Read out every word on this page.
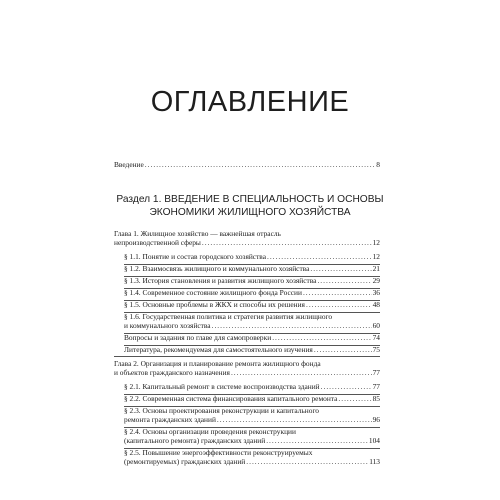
ОГЛАВЛЕНИЕ
Введение .....	8
Раздел 1. ВВЕДЕНИЕ В СПЕЦИАЛЬНОСТЬ И ОСНОВЫ
ЭКОНОМИКИ ЖИЛИЩНОГО ХОЗЯЙСТВА
Глава 1. Жилищное хозяйство — важнейшая отрасль
непроизводственной сферы .....	12
§ 1.1. Понятие и состав городского хозяйства .....	12
§ 1.2. Взаимосвязь жилищного и коммунального хозяйства .....	21
§ 1.3. История становления и развития жилищного хозяйства .....	29
§ 1.4. Современное состояние жилищного фонда России .....	36
§ 1.5. Основные проблемы в ЖКХ и способы их решения .....	48
§ 1.6. Государственная политика и стратегия развития жилищного
и коммунального хозяйства .....	60
Вопросы и задания по главе для самопроверки .....	74
Литература, рекомендуемая для самостоятельного изучения .....	75
Глава 2. Организация и планирование ремонта жилищного фонда
и объектов гражданского назначения .....	77
§ 2.1. Капитальный ремонт в системе воспроизводства зданий .....	77
§ 2.2. Современная система финансирования капитального ремонта .....	85
§ 2.3. Основы проектирования реконструкции и капитального
ремонта гражданских зданий .....	96
§ 2.4. Основы организации проведения реконструкции
(капитального ремонта) гражданских зданий .....	104
§ 2.5. Повышение энергоэффективности реконструируемых
(ремонтируемых) гражданских зданий .....	113
